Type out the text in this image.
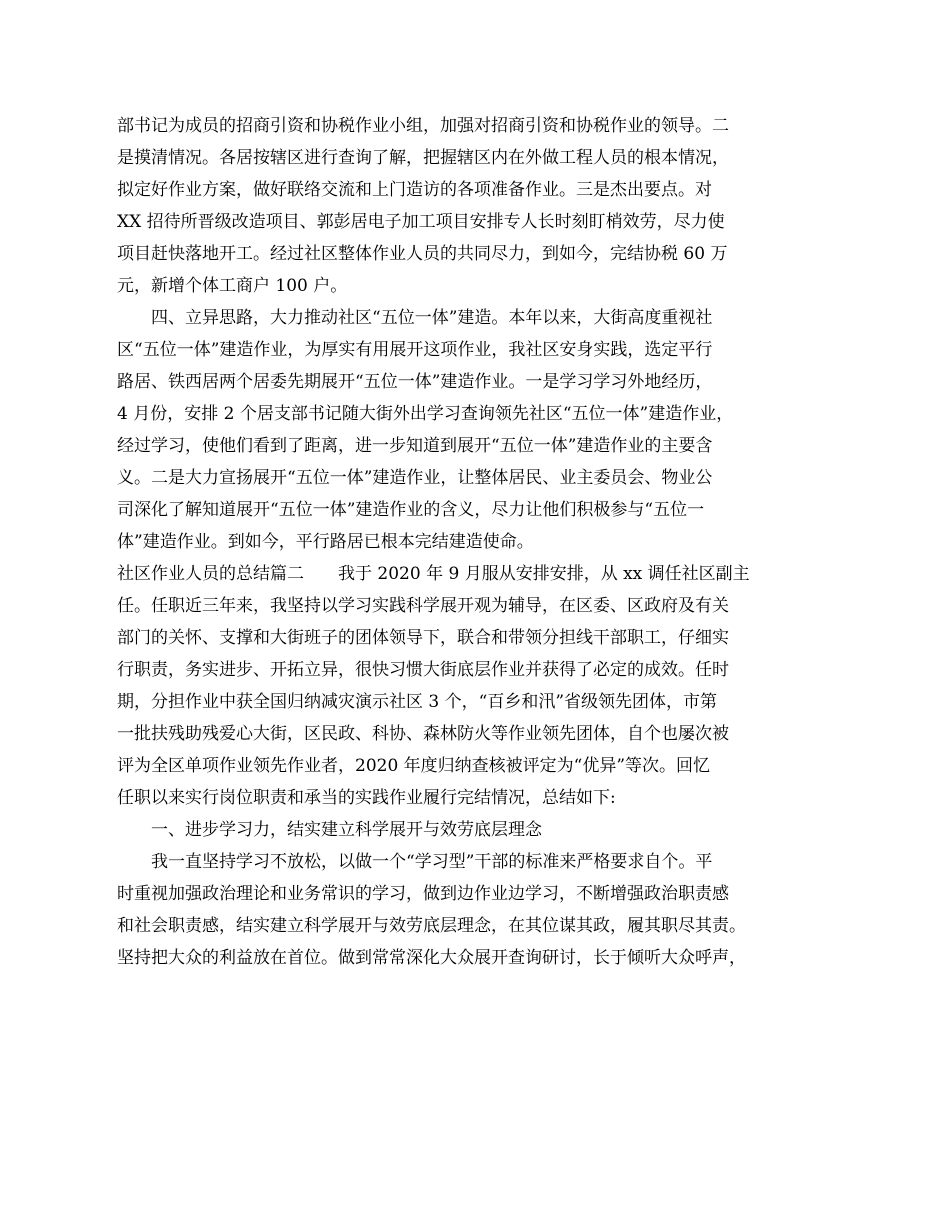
部书记为成员的招商引资和协税作业小组，加强对招商引资和协税作业的领导。二
是摸清情况。各居按辖区进行查询了解，把握辖区内在外做工程人员的根本情况，
拟定好作业方案，做好联络交流和上门造访的各项准备作业。三是杰出要点。对
XX 招待所晋级改造项目、郭彭居电子加工项目安排专人长时刻盯梢效劳，尽力使
项目赶快落地开工。经过社区整体作业人员的共同尽力，到如今，完结协税 60 万
元，新增个体工商户 100 户。
四、立异思路，大力推动社区“五位一体”建造。本年以来，大街高度重视社
区“五位一体”建造作业，为厚实有用展开这项作业，我社区安身实践，选定平行
路居、铁西居两个居委先期展开“五位一体”建造作业。一是学习学习外地经历，
4 月份，安排 2 个居支部书记随大街外出学习查询领先社区“五位一体”建造作业，
经过学习，使他们看到了距离，进一步知道到展开“五位一体”建造作业的主要含
义。二是大力宣扬展开“五位一体”建造作业，让整体居民、业主委员会、物业公
司深化了解知道展开“五位一体”建造作业的含义，尽力让他们积极参与“五位一
体”建造作业。到如今，平行路居已根本完结建造使命。
社区作业人员的总结篇二 我于 2020 年 9 月服从安排安排，从 xx 调任社区副主
任。任职近三年来，我坚持以学习实践科学展开观为辅导，在区委、区政府及有关
部门的关怀、支撑和大街班子的团体领导下，联合和带领分担线干部职工，仔细实
行职责，务实进步、开拓立异，很快习惯大街底层作业并获得了必定的成效。任时
期，分担作业中获全国归纳减灾演示社区 3 个，“百乡和汛”省级领先团体，市第
一批扶残助残爱心大街，区民政、科协、森林防火等作业领先团体，自个也屡次被
评为全区单项作业领先作业者，2020 年度归纳查核被评定为“优异”等次。回忆
任职以来实行岗位职责和承当的实践作业履行完结情况，总结如下:
一、进步学习力，结实建立科学展开与效劳底层理念
我一直坚持学习不放松，以做一个“学习型”干部的标准来严格要求自个。平
时重视加强政治理论和业务常识的学习，做到边作业边学习，不断增强政治职责感
和社会职责感，结实建立科学展开与效劳底层理念，在其位谋其政，履其职尽其责。
坚持把大众的利益放在首位。做到常常深化大众展开查询研讨，长于倾听大众呼声，
